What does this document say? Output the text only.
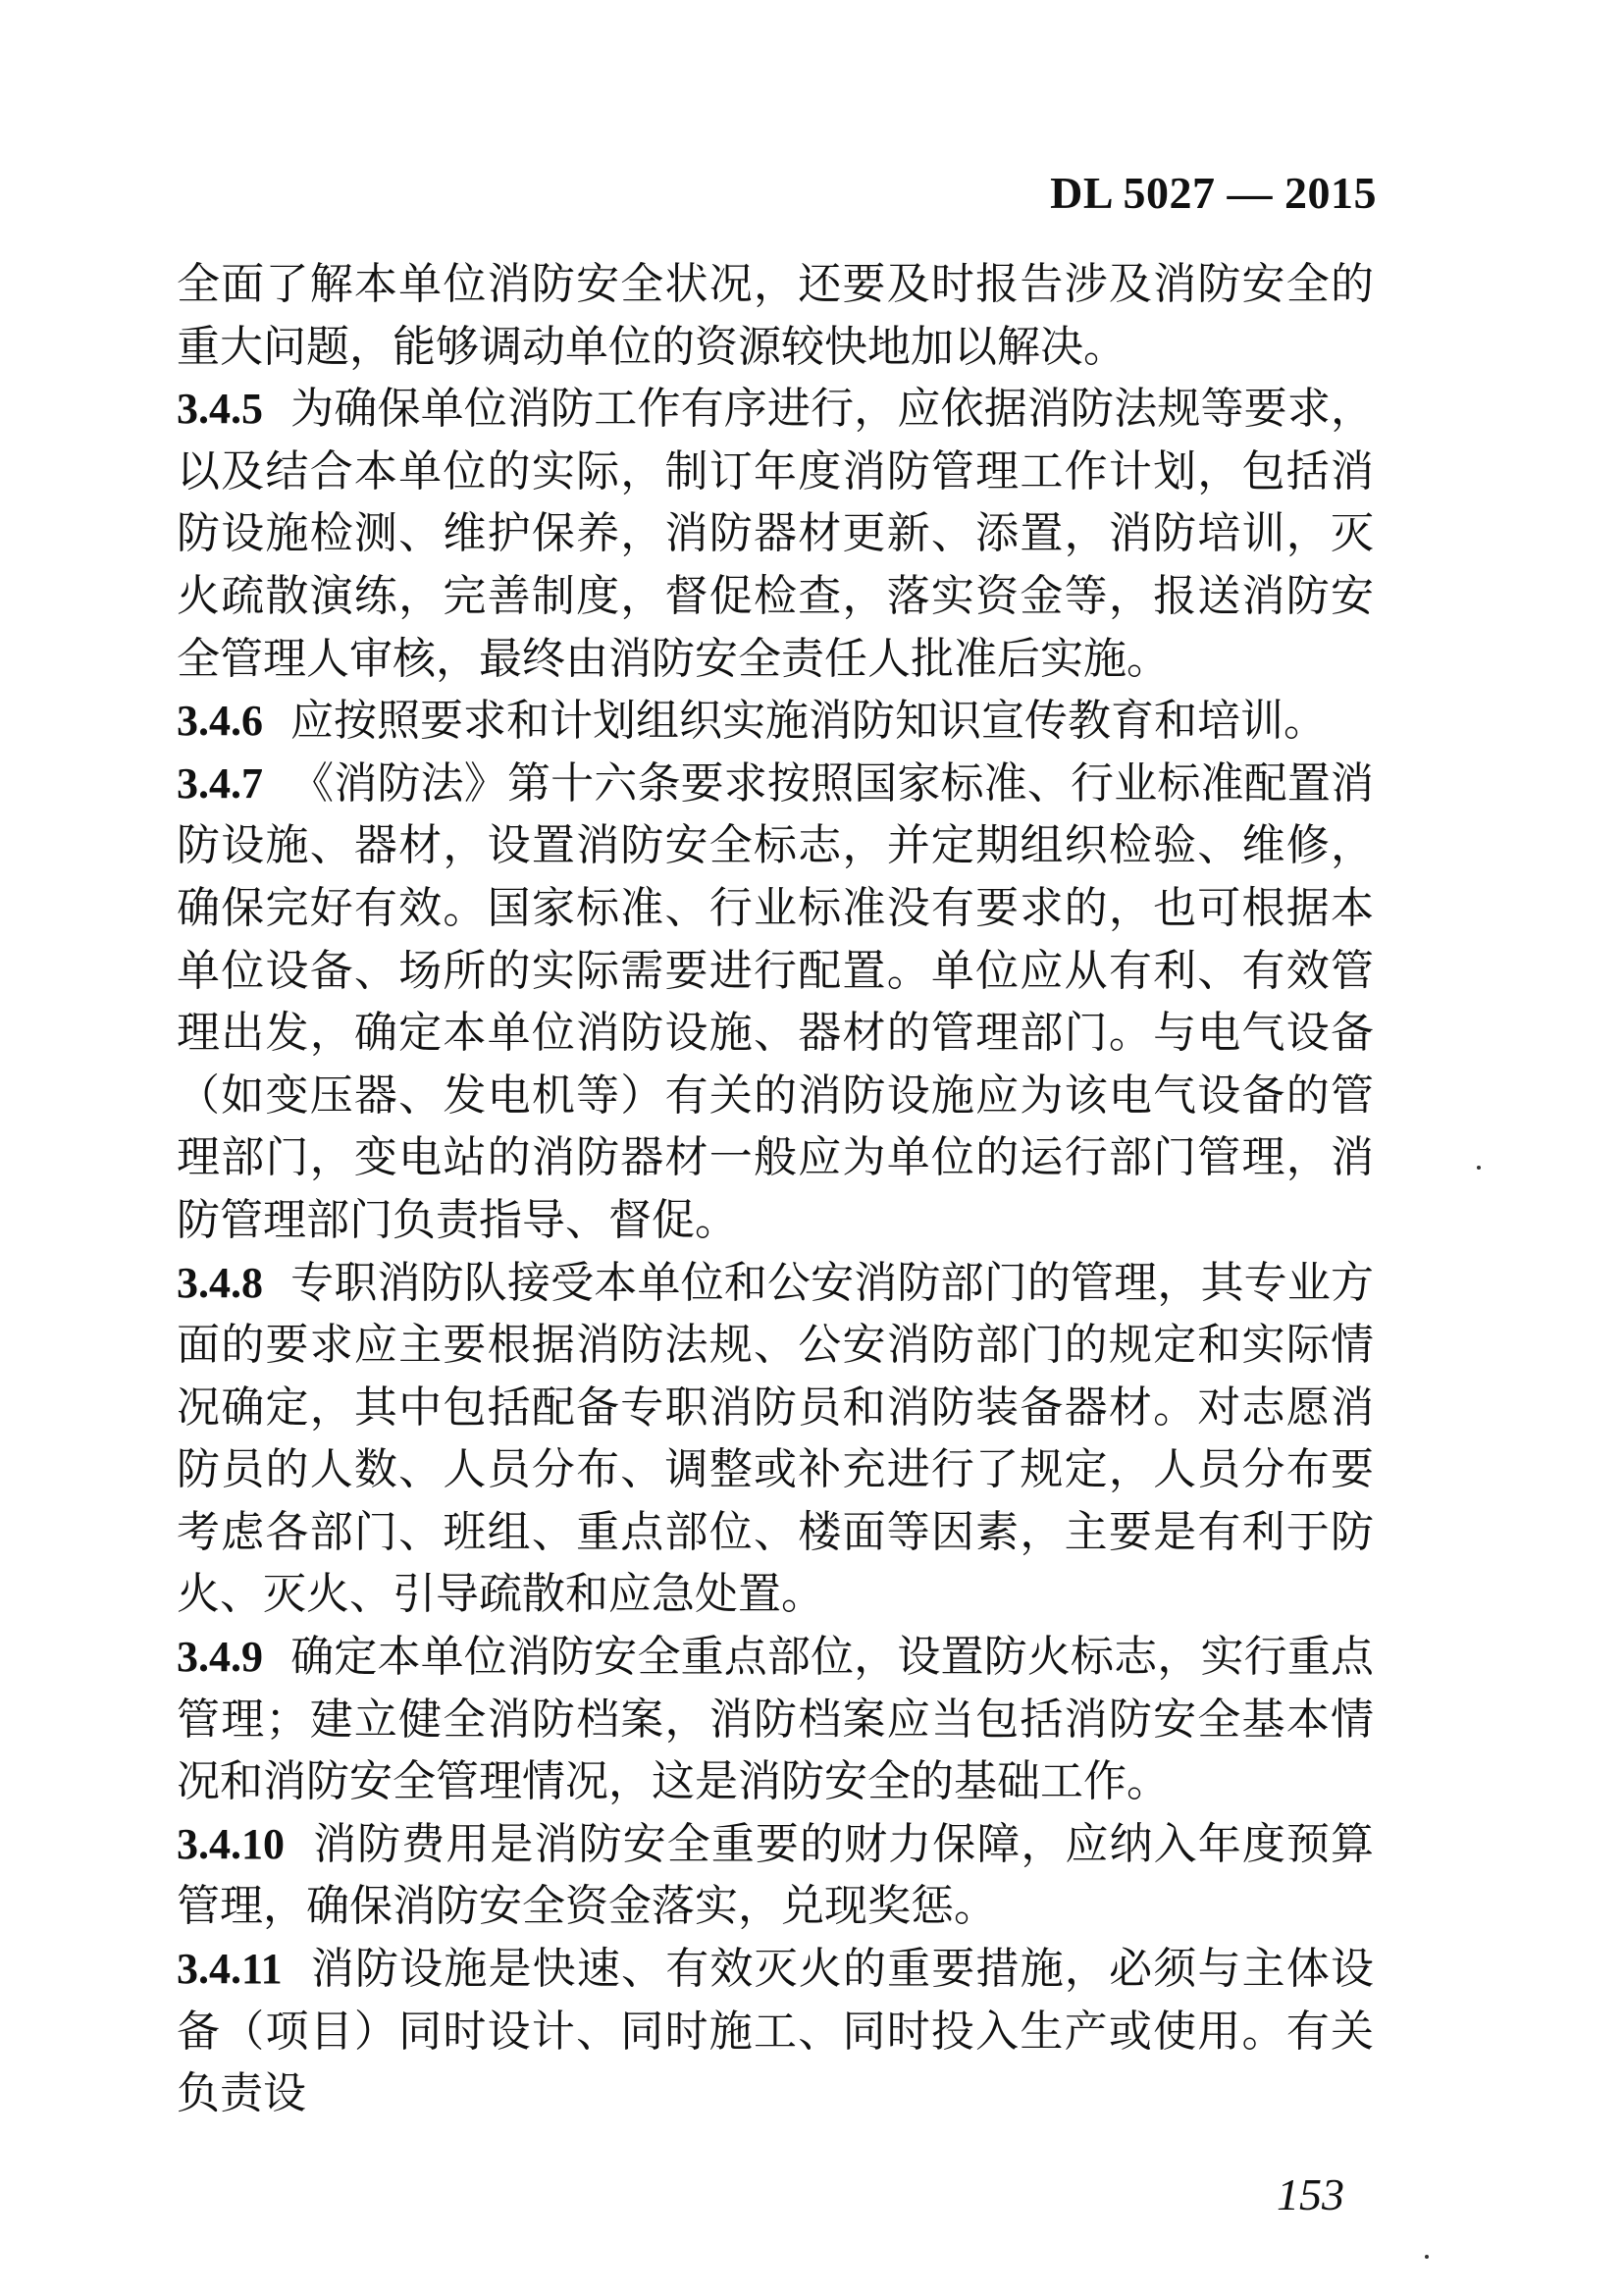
DL 5027 — 2015

全面了解本单位消防安全状况，还要及时报告涉及消防安全的重大问题，能够调动单位的资源较快地加以解决。

3.4.5 为确保单位消防工作有序进行，应依据消防法规等要求，以及结合本单位的实际，制订年度消防管理工作计划，包括消防设施检测、维护保养，消防器材更新、添置，消防培训，灭火疏散演练，完善制度，督促检查，落实资金等，报送消防安全管理人审核，最终由消防安全责任人批准后实施。

3.4.6 应按照要求和计划组织实施消防知识宣传教育和培训。

3.4.7 《消防法》第十六条要求按照国家标准、行业标准配置消防设施、器材，设置消防安全标志，并定期组织检验、维修，确保完好有效。国家标准、行业标准没有要求的，也可根据本单位设备、场所的实际需要进行配置。单位应从有利、有效管理出发，确定本单位消防设施、器材的管理部门。与电气设备（如变压器、发电机等）有关的消防设施应为该电气设备的管理部门，变电站的消防器材一般应为单位的运行部门管理，消防管理部门负责指导、督促。

3.4.8 专职消防队接受本单位和公安消防部门的管理，其专业方面的要求应主要根据消防法规、公安消防部门的规定和实际情况确定，其中包括配备专职消防员和消防装备器材。对志愿消防员的人数、人员分布、调整或补充进行了规定，人员分布要考虑各部门、班组、重点部位、楼面等因素，主要是有利于防火、灭火、引导疏散和应急处置。

3.4.9 确定本单位消防安全重点部位，设置防火标志，实行重点管理；建立健全消防档案，消防档案应当包括消防安全基本情况和消防安全管理情况，这是消防安全的基础工作。

3.4.10 消防费用是消防安全重要的财力保障，应纳入年度预算管理，确保消防安全资金落实，兑现奖惩。

3.4.11 消防设施是快速、有效灭火的重要措施，必须与主体设备（项目）同时设计、同时施工、同时投入生产或使用。有关负责设

153
